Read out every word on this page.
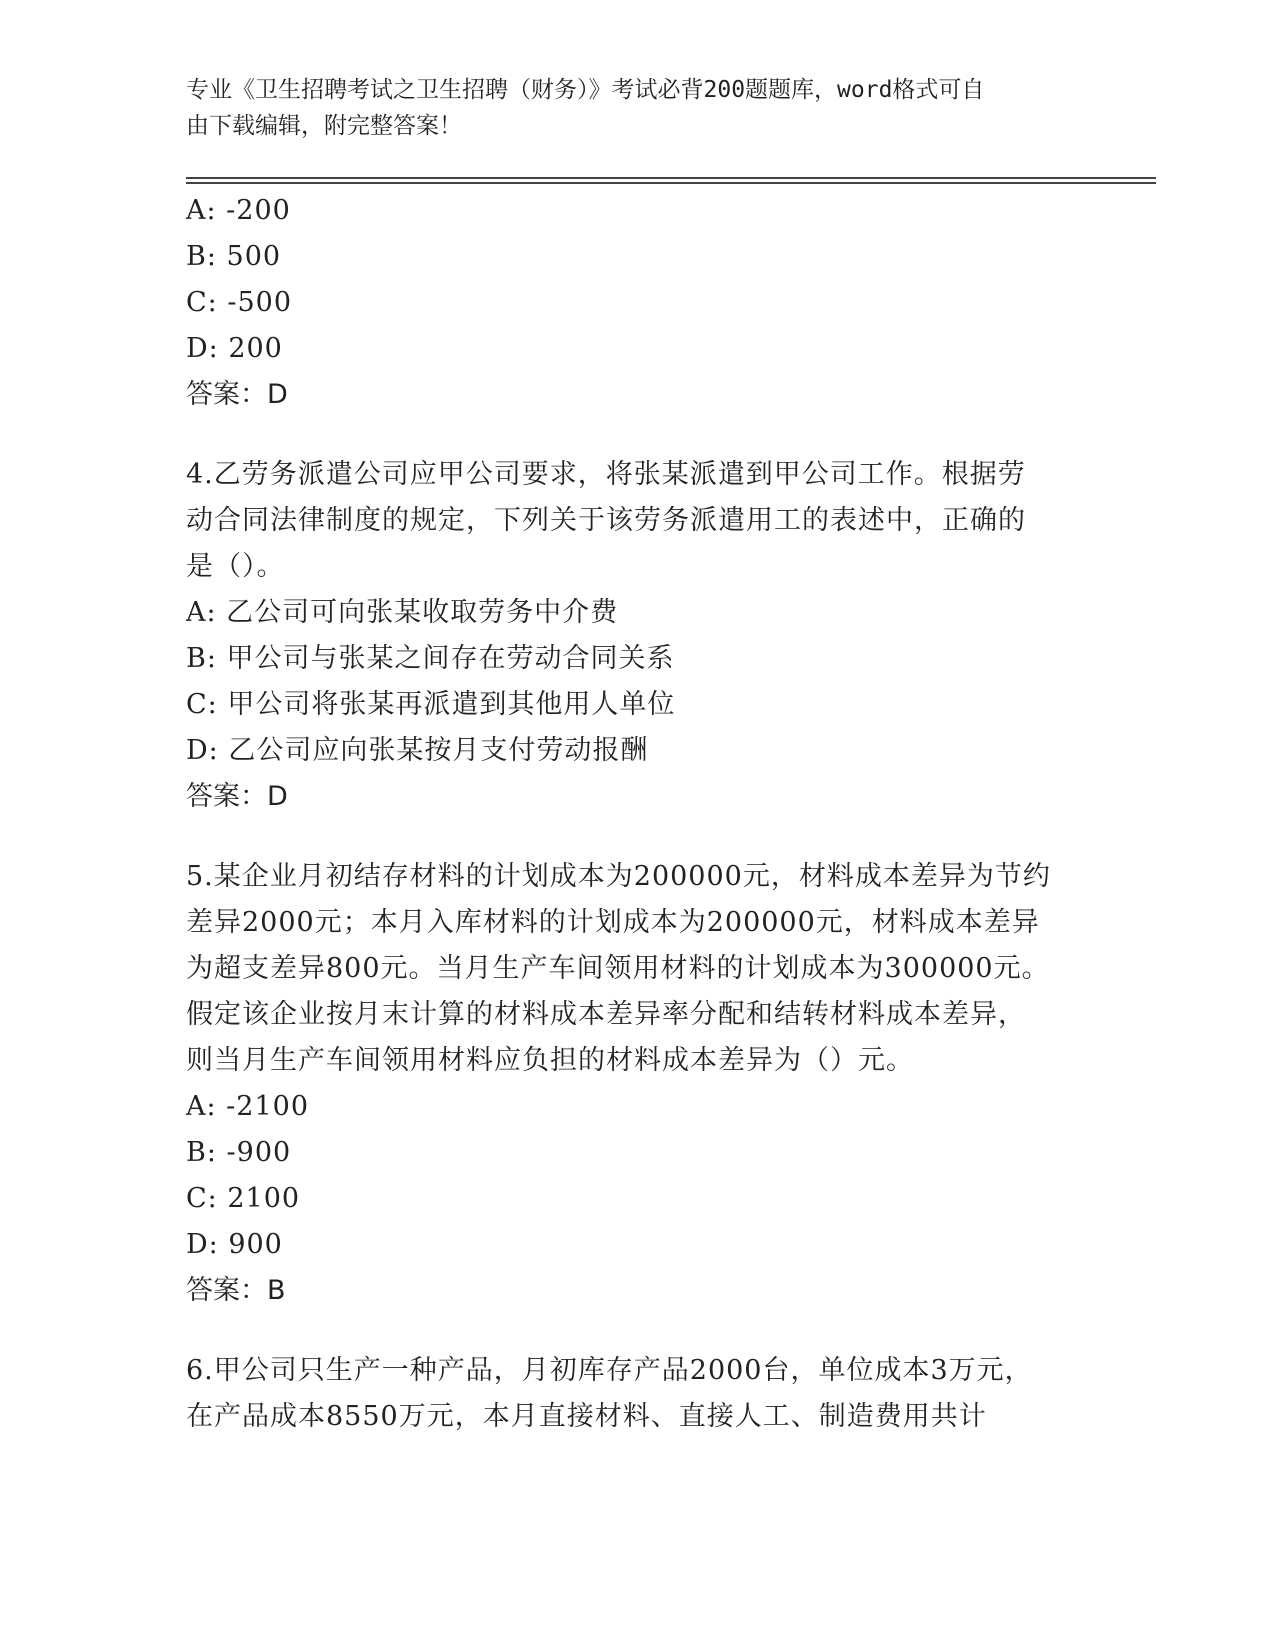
专业《卫生招聘考试之卫生招聘（财务）》考试必背200题题库，word格式可自
由下载编辑，附完整答案！

A: -200

B: 500

C: -500

D: 200

答案：D

4.乙劳务派遣公司应甲公司要求，将张某派遣到甲公司工作。根据劳

动合同法律制度的规定，下列关于该劳务派遣用工的表述中，正确的

是（）。

A: 乙公司可向张某收取劳务中介费

B: 甲公司与张某之间存在劳动合同关系

C: 甲公司将张某再派遣到其他用人单位

D: 乙公司应向张某按月支付劳动报酬

答案：D

5.某企业月初结存材料的计划成本为200000元，材料成本差异为节约

差异2000元；本月入库材料的计划成本为200000元，材料成本差异

为超支差异800元。当月生产车间领用材料的计划成本为300000元。

假定该企业按月末计算的材料成本差异率分配和结转材料成本差异，

则当月生产车间领用材料应负担的材料成本差异为（）元。

A: -2100

B: -900

C: 2100

D: 900

答案：B

6.甲公司只生产一种产品，月初库存产品2000台，单位成本3万元，

在产品成本8550万元，本月直接材料、直接人工、制造费用共计
